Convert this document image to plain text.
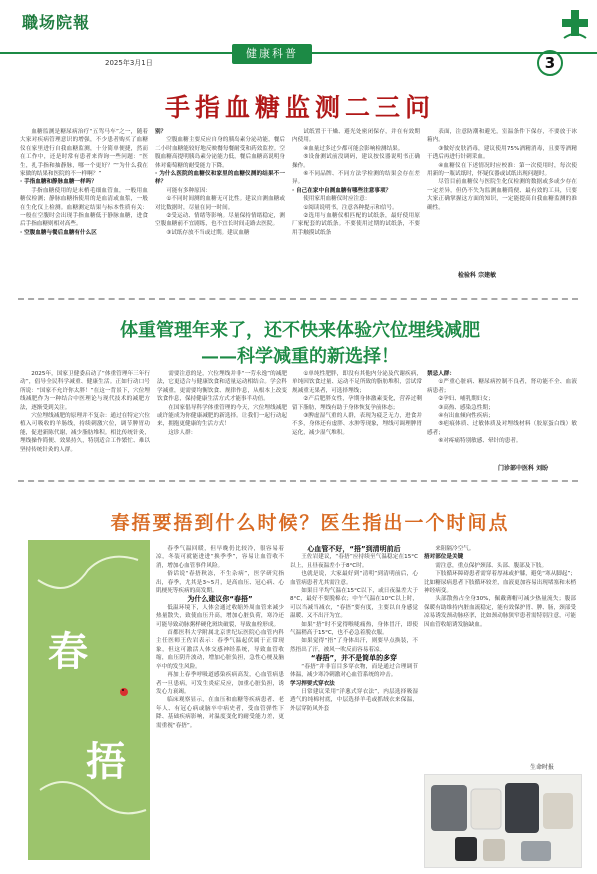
職场院報
健康科普
2025年3月1日	3
手指血糖监测二三问

血糖监测是糖尿病治疗“五驾马车”之一，随着大家对疾病管理意识的增强，不少患者购买了血糖仪在家里进行自我血糖监测，十分简单便捷，然而在工作中，还是时常有患者来咨询一些问题：“医生，扎手指和抽静脉，哪一个更好？”“为什么我在家做的结果和医院的不一样啊？”

· 手指血糖和静脉血糖一样吗？

手指血糖使用的是末梢毛细血管血，一般用血糖仪检测；静脉血糖指使用的是血清或血浆，一般在生化仪上检测。血糖测定结果与标本性质有关：一般在空腹时会出现手指血糖低于静脉血糖，进食后手指血糖则相对高些。

· 空腹血糖与餐后血糖有什么区

别？

空腹血糖主要反应自身的胰岛素分泌功能，餐后二小时血糖能较好地反映餐每餐耐受和药效监控。空腹血糖高提明胰岛素分泌能力低，餐后血糖高说明身体对葡萄糖的耐受能力下降。

· 为什么医院的血糖仪和家里的血糖仪测的结果不一样？

可能有多种原因：

①不同时间测的血糖无可比性。建议自测血糖或对比数据时，尽量在同一时间。

②受运动、情绪等影响。尽量保持情绪稳定，测空腹血糖前不宜剧练，也不宜长时间走路去医院。

③试纸存放不当或过期。建议血糖

试纸置于干燥、避光处密闭保存，并在有效期内使用。

④血量过多过少都可能会影响检测结果。

⑤设备测试前没调码，建议按仪器说明书正确操作。

⑥不同品牌、不同方法学检测的结果会存在差异。

· 自己在家中自测血糖有哪些注意事项？

使用家用血糖仪时应注意：

①阅读说明书，注意各种提示和信号。

②选用与血糖仪相匹配的试纸条，最好使用原厂家配套的试纸条。不要使用过期的试纸条，不要用手触摸试纸条

表面，注意防潮和避光，室温条件下保存，不要放于冰箱内。

③做好皮肤消毒，建议使用75%酒精消毒，且要等酒精干透后再进行针刺采血。

④血糖仪在下述情况时应校准：第一次使用时，每次使用新的一瓶试纸时，怀疑仪器或试纸出现问题时。

尽管目前血糖仪与医院生化仪检测的数据或多或少存在一定差异，但仍不失为监测血糖简便、最有效的工具，只要大家正确掌握这方面的知识，一定能提高自我血糖监测的准确性。

检验科 宗建敏
体重管理年来了，还不快来体验穴位埋线减肥
——科学减重的新选择！

2025年，国家卫健委启动了“体重管理年三年行动”，倡导全民科学减重、健康生活。正如行动口号所说：“国家不允许你太胖！”在这一背景下，穴位埋线减肥作为一种结合中医理论与现代技术的减肥方法，逐渐受到关注。

穴位埋线减肥的原理并不复杂：通过在特定穴位植入可吸收的羊肠线，持续刺激穴位，调节脾胃功能，促进新陈代谢，减少脂肪堆积。相比传统针灸，埋线操作简便、效果持久，特别适合工作繁忙、难以坚持传统针灸的人群。

需要注意的是，穴位埋线并非“一劳永逸”的减肥法，它更适合与健康饮食和适量运动相结合。学会科学减重，更需要均衡饮食、规律作息，从根本上改变饮食作息，保持健康生活方式才能事半功倍。

在国家倡导科学体重管理的今天，穴位埋线减肥或许能成为你健康减肥的新选择。让我们一起行动起来，拥抱更健康的生活方式！

这诊人群：

①单纯性肥胖，即没有其他内分泌及代谢疾病，单纯因饮食过量、运动不足所致的脂肪堆积，尝试常规减重无果者，可选择埋线；

②产后肥胖女性，孕期身体激素变化，营养过剩留下脂肪，埋线有助于身体恢复孕前体态；

③脾虚湿气重的人群，表现为疲乏无力，进食并不多，身体还有虚胖、水肿等现象，埋线可调理脾胃运化，减少湿气堆积。

禁忌人群：

①严重心脏病、糖尿病控制不良者，肾功能不全、血液病患者；

②孕妇、哺乳期妇女；

③高热、感染急性期；

④有出血倾向性疾病；

⑤疤痕体质、过敏体质及对埋线材料（胶原蛋白线）敏感者；

⑥对疼痛特别敏感、晕针的患者。

门诊部中医科 刘盼
春捂要捂到什么时候？医生指出一个时间点
春
捂

春季气温回暖，但早晚仍比较冷，很容易着凉，冬装可就能进进“换季季”，容易让血管收不消，增加心血管事件风险。

俗话说“春捂秋冻，不生杂病”，医学研究指出，春季，尤其是3~5月，是高血压、冠心病、心肌梗死等疾病的高发期。

为什么建议你“春捂”

低温环境下，人体会通过收缩外周血管来减少热量散失，致使血压升高，增加心脏负荷，寒冷还可能导致动脉粥样硬化斑块破裂，导致血栓形成。

首都医科大学附属北京世纪坛医院心血管内科主任医师王佐岩表示：春季气温起伏属于正常现象，但这可激活人体交感神经系统，导致血管收缩，血压阴升波动，增加心脏负担，急性心梗及脑卒中的发生风险。

再加上春季呼吸道感染疾病高发，心血管病患者一旦患病，可发生炎症反应，加重心脏负担，诱发心力衰竭。

临床观察显示，在血压和血糖等疾病患者、老年人、有冠心病或脑卒中病史者，受血管弹性下降、基础疾病影响，对温度变化的耐受能力差，更需重视“春捂”。

心血管不好，“捂”到清明前后

王佐岩建议，“春捂”应持续至气温稳定在15°C以上，且昼夜温差小于8°C时。

也就是说，大家最好到“清明”到清明前后，心血管病患者尤其需注意。

如果日平均气温在15°C以下，或日夜温差大于8°C，最好不要脱棉衣；中午气温在10°C以上时，可以当减当减衣，“春捂”要有度，主要以自身感觉温暖、又不出汗为宜。

如果“捂”时不觉得喉咙痛热，身体冒汗，即使气温稍高于15°C，也不必急着脱衣服。

如果觉得“捂”了身体出汗，则要早点换装，不然捂出了汗，被风一吹反而容易着凉。

“春捂”，并不是简单的多穿

“春捂”并非盲目多穿衣物，而是通过合理调节体温，减少寒冷刺激对心血管系统的冲击。

学习捍要式穿衣法

日常建议采用“洋葱式穿衣法”，内层选择吸湿透气的纯棉衬底，中层选择羊毛或抓绒衣来保温，外层穿防风外套

来阻隔冷空气。

捂对部位是关键

需注意，重点保护颈部、头部、腹部及下肢。

下肢循环障碍患者需穿着厚袜或护膝，避免“寒从脚起”；比如糖尿病患者下肢循环较差，血液更加容易出现堵塞和末梢神经病变。

头部散热占全身30%，佩戴薄帽可减少热量流失；腹部保暖有助维持内脏血流稳定，能有效保护胃、脾、肠，颈部受凉易诱发颈动脉痉挛，比如颈动脉狭窄患者需特别注意，可能因血管收缩诱发脑缺血。

生命时报
